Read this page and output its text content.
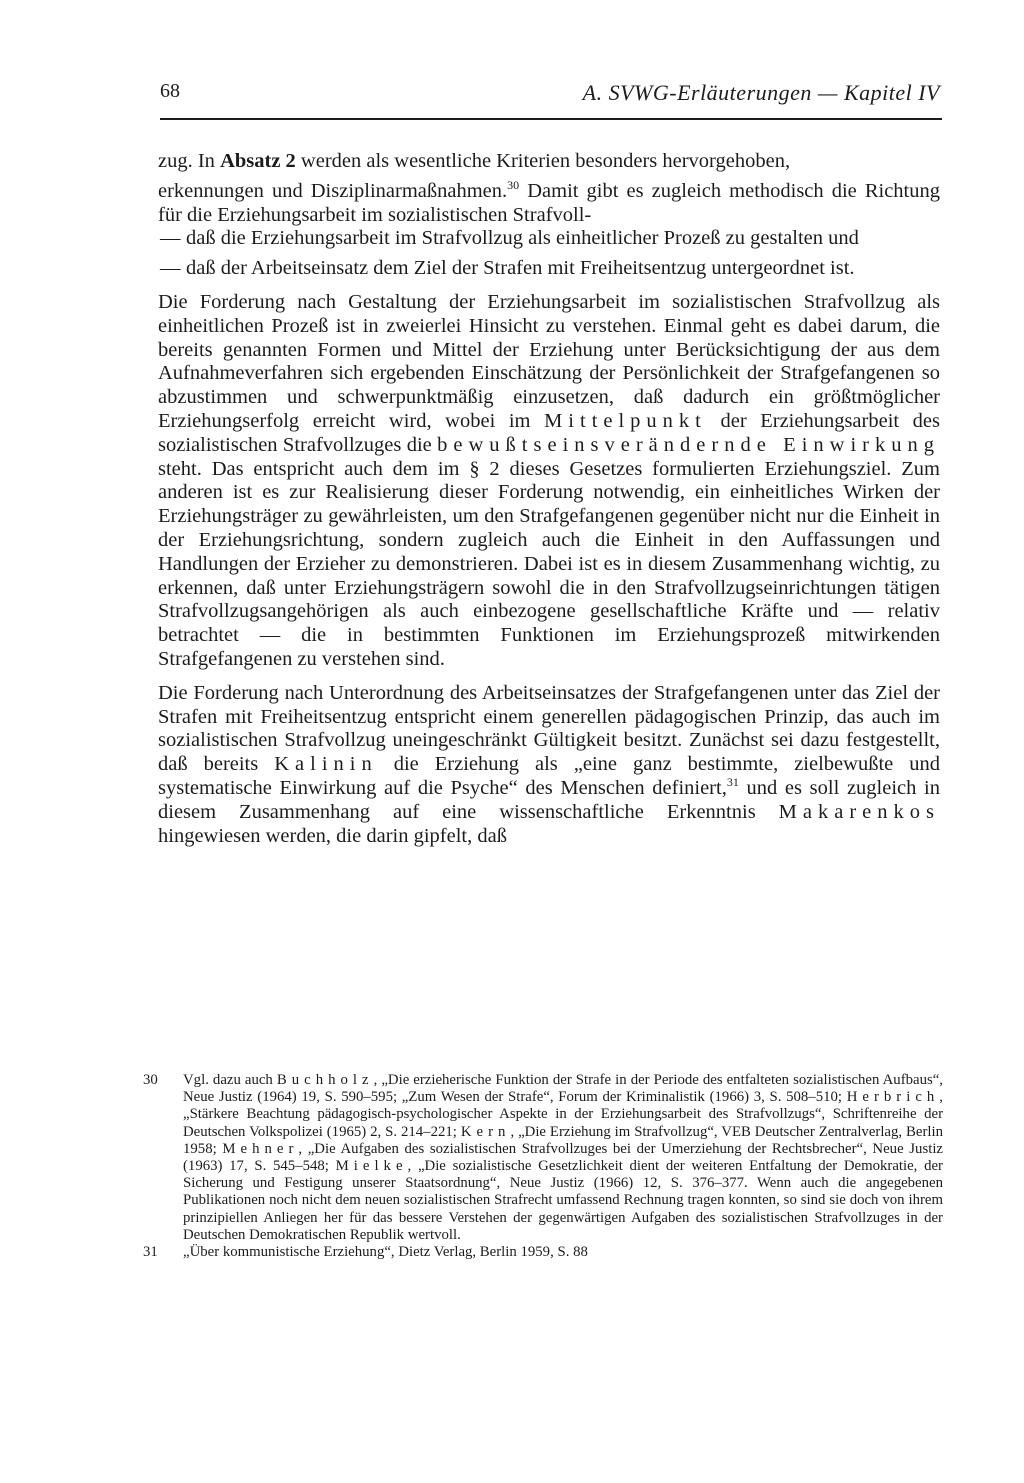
68	A. SVWG-Erläuterungen — Kapitel IV

zug. In Absatz 2 werden als wesentliche Kriterien besonders hervorgehoben,

erkennungen und Disziplinarmaßnahmen.$^{30}$ Damit gibt es zugleich methodisch die Richtung für die Erziehungsarbeit im sozialistischen Strafvoll-

— daß die Erziehungsarbeit im Strafvollzug als einheitlicher Prozeß zu gestalten und

— daß der Arbeitseinsatz dem Ziel der Strafen mit Freiheitsentzug untergeordnet ist.

Die Forderung nach Gestaltung der Erziehungsarbeit im sozialistischen Strafvollzug als einheitlichen Prozeß ist in zweierlei Hinsicht zu verstehen. Einmal geht es dabei darum, die bereits genannten Formen und Mittel der Erziehung unter Berücksichtigung der aus dem Aufnahmeverfahren sich ergebenden Einschätzung der Persönlichkeit der Strafgefangenen so abzustimmen und schwerpunktmäßig einzusetzen, daß dadurch ein größtmöglicher Erziehungserfolg erreicht wird, wobei im Mittelpunkt der Erziehungsarbeit des sozialistischen Strafvollzuges die bewußtseinsverändernde Einwirkung steht. Das entspricht auch dem im § 2 dieses Gesetzes formulierten Erziehungsziel. Zum anderen ist es zur Realisierung dieser Forderung notwendig, ein einheitliches Wirken der Erziehungsträger zu gewährleisten, um den Strafgefangenen gegenüber nicht nur die Einheit in der Erziehungsrichtung, sondern zugleich auch die Einheit in den Auffassungen und Handlungen der Erzieher zu demonstrieren. Dabei ist es in diesem Zusammenhang wichtig, zu erkennen, daß unter Erziehungsträgern sowohl die in den Strafvollzugseinrichtungen tätigen Strafvollzugsangehörigen als auch einbezogene gesellschaftliche Kräfte und — relativ betrachtet — die in bestimmten Funktionen im Erziehungsprozeß mitwirkenden Strafgefangenen zu verstehen sind.

Die Forderung nach Unterordnung des Arbeitseinsatzes der Strafgefangenen unter das Ziel der Strafen mit Freiheitsentzug entspricht einem generellen pädagogischen Prinzip, das auch im sozialistischen Strafvollzug uneingeschränkt Gültigkeit besitzt. Zunächst sei dazu festgestellt, daß bereits Kalinin die Erziehung als „eine ganz bestimmte, zielbewußte und systematische Einwirkung auf die Psyche“ des Menschen definiert,$^{31}$ und es soll zugleich in diesem Zusammenhang auf eine wissenschaftliche Erkenntnis Makarenkos hingewiesen werden, die darin gipfelt, daß

30 Vgl. dazu auch Buchholz, „Die erzieherische Funktion der Strafe in der Periode des entfalteten sozialistischen Aufbaus“, Neue Justiz (1964) 19, S. 590–595; „Zum Wesen der Strafe“, Forum der Kriminalistik (1966) 3, S. 508–510; Herbrich, „Stärkere Beachtung pädagogisch-psychologischer Aspekte in der Erziehungsarbeit des Strafvollzugs“, Schriftenreihe der Deutschen Volkspolizei (1965) 2, S. 214–221; Kern, „Die Erziehung im Strafvollzug“, VEB Deutscher Zentralverlag, Berlin 1958; Mehner, „Die Aufgaben des sozialistischen Strafvollzuges bei der Umerziehung der Rechtsbrecher“, Neue Justiz (1963) 17, S. 545–548; Mielke, „Die sozialistische Gesetzlichkeit dient der weiteren Entfaltung der Demokratie, der Sicherung und Festigung unserer Staatsordnung“, Neue Justiz (1966) 12, S. 376–377. Wenn auch die angegebenen Publikationen noch nicht dem neuen sozialistischen Strafrecht umfassend Rechnung tragen konnten, so sind sie doch von ihrem prinzipiellen Anliegen her für das bessere Verstehen der gegenwärtigen Aufgaben des sozialistischen Strafvollzuges in der Deutschen Demokratischen Republik wertvoll.

31 „Über kommunistische Erziehung“, Dietz Verlag, Berlin 1959, S. 88
